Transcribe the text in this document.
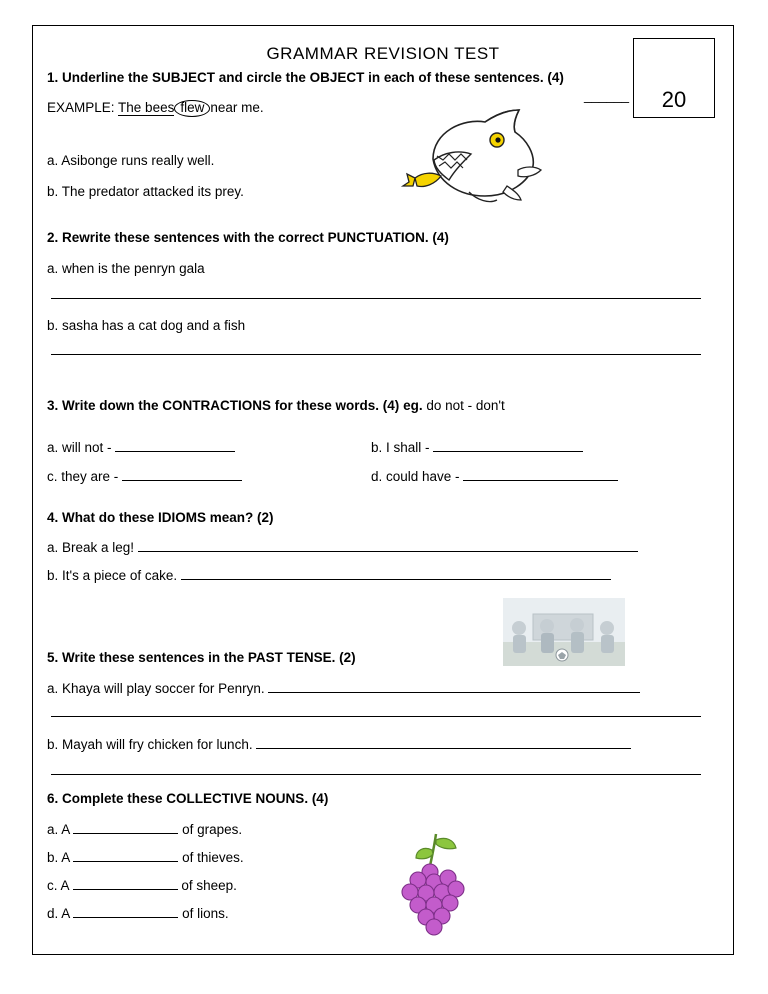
GRAMMAR REVISION TEST
20
______
1. Underline the SUBJECT and circle the OBJECT in each of these sentences. (4)
EXAMPLE: The bees flew near me.
a. Asibonge runs really well.
b. The predator attacked its prey.
2. Rewrite these sentences with the correct PUNCTUATION. (4)
a. when is the penryn gala
b. sasha has a cat dog and a fish
3. Write down the CONTRACTIONS for these words. (4) eg. do not - don't
a. will not -	b. I shall -
c. they are -	d. could have -
4. What do these IDIOMS mean? (2)
a. Break a leg!
b. It's a piece of cake.
5. Write these sentences in the PAST TENSE. (2)
a. Khaya will play soccer for Penryn.
b. Mayah will fry chicken for lunch.
6. Complete these COLLECTIVE NOUNS. (4)
a. A	of grapes.
b. A	of thieves.
c. A	of sheep.
d. A	of lions.
